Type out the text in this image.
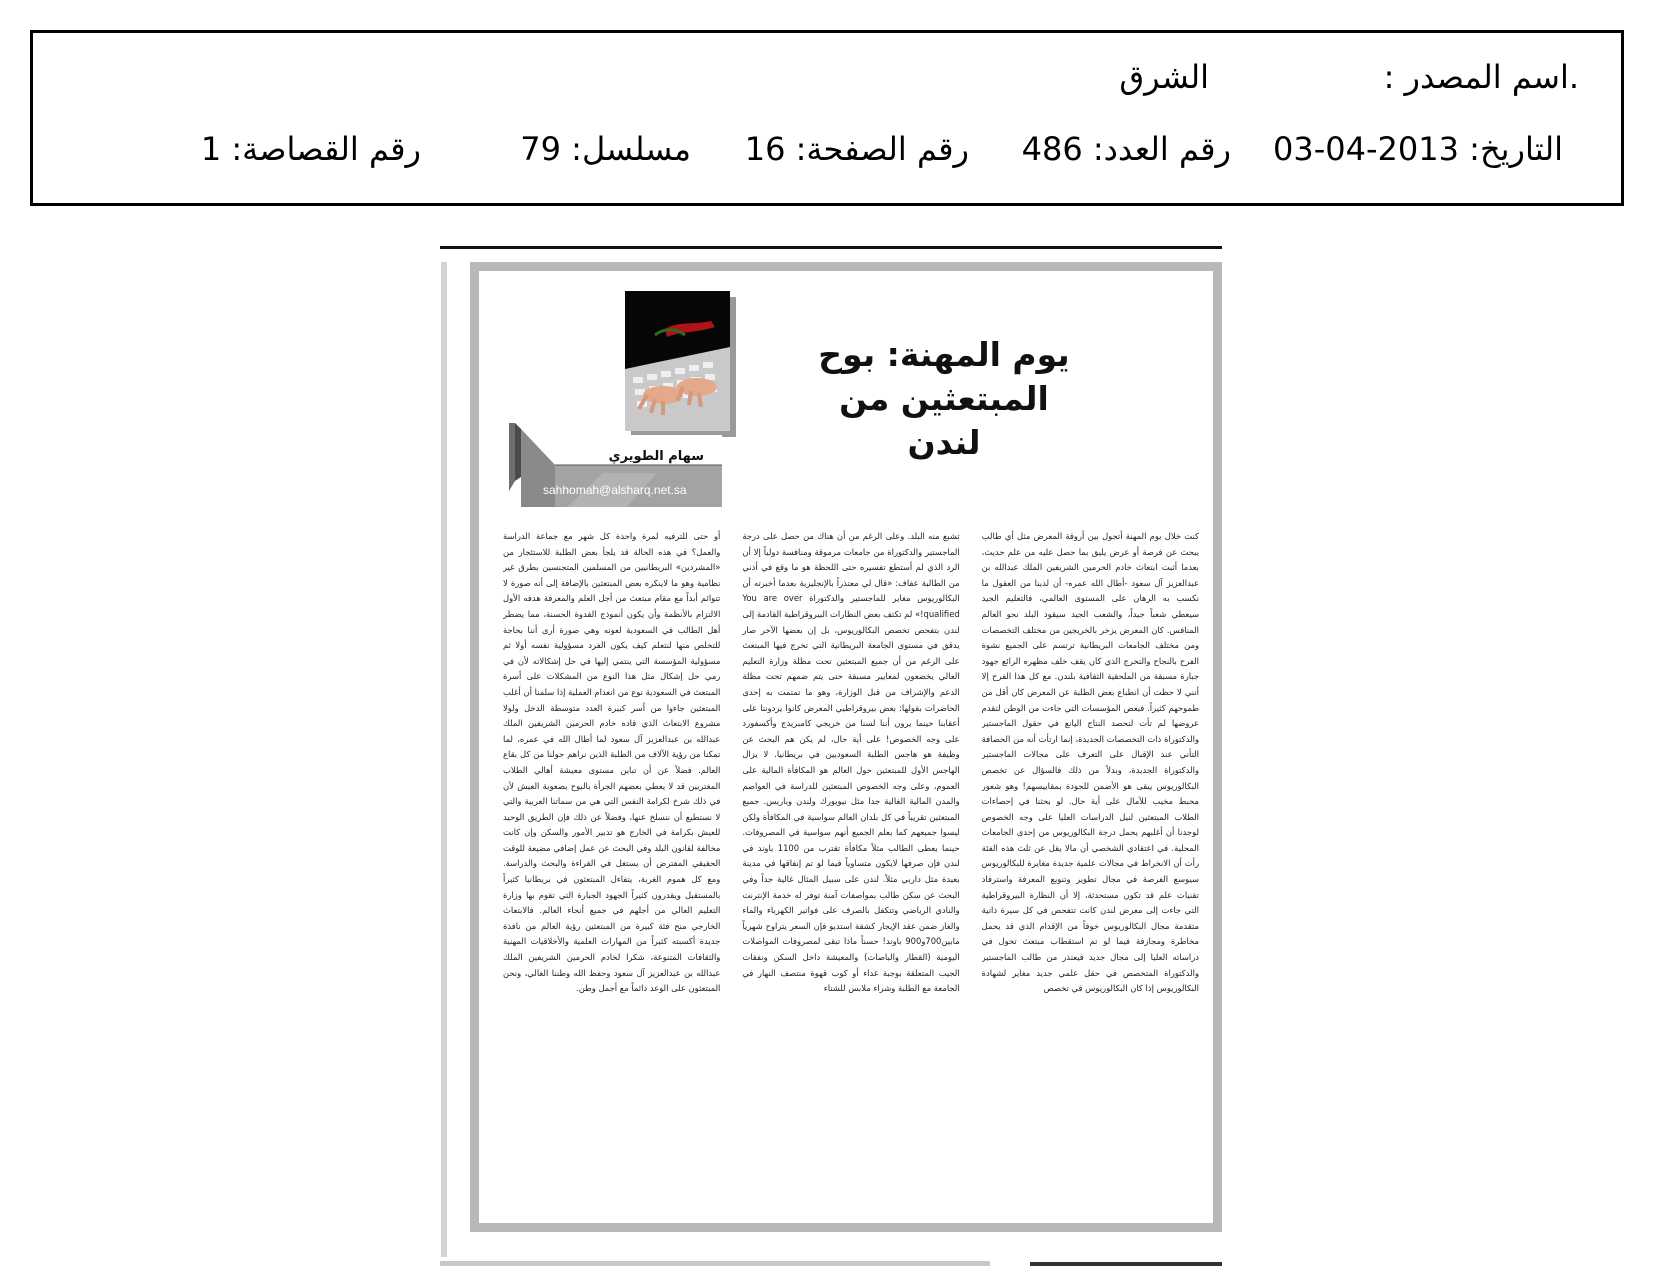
.اسم المصدر :
الشرق
التاريخ: 2013-04-03
رقم العدد: 486
رقم الصفحة: 16
مسلسل: 79
رقم القصاصة: 1
يوم المهنة: بوح
المبتعثين من لندن
سهام الطويري
sahhomah@alsharq.net.sa

كنت خلال يوم المهنة أتجول بين أروقة المعرض مثل أي طالب يبحث عن فرصة أو عرض يليق بما حصل عليه من علم حديث، بعدما أثبت ابتعاث خادم الحرمين الشريفين الملك عبدالله بن عبدالعزيز آل سعود -أطال الله عمره- أن لدينا من العقول ما نكسب به الرهان على المستوى العالمي، فالتعليم الجيد سيعطي شعباً جيداً، والشعب الجيد سيقود البلد نحو العالم المنافس. كان المعرض يزخر بالخريجين من مختلف التخصصات ومن مختلف الجامعات البريطانية ترتسم على الجميع نشوة الفرح بالنجاح والتخرج الذي كان يقف خلف مظهره الرائع جهود جبارة مسبقة من الملحقية الثقافية بلندن. مع كل هذا الفرح إلا أنني لا حظت أن انطباع بعض الطلبة عن المعرض كان أقل من طموحهم كثيراً. فبعض المؤسسات التي جاءت من الوطن لتقدم عروضها لم تأت لتحصد النتاج اليانع في حقول الماجستير والدكتوراة ذات التخصصات الجديدة، إنما ارتأت أنه من الحصافة التأني عند الإقبال على التعرف على مجالات الماجستير والدكتوراة الجديدة، وبدلاً من ذلك فالسؤال عن تخصص البكالوريوس يبقى هو الأضمن للجودة بمقاييسهم! وهو شعور محبط مخيب للآمال على أية حال. لو بحثنا في إحصاءات الطلاب المبتعثين لنيل الدراسات العليا على وجه الخصوص لوجدنا أن أغلبهم يحمل درجة البكالوريوس من إحدى الجامعات المحلية. في اعتقادي الشخصي أن مالا يقل عن ثلث هذه الفئة رأت أن الانخراط في مجالات علمية جديدة مغايرة للبكالوريوس سيوسع الفرصة في مجال تطوير وتنويع المعرفة واسترفاد تقنيات علم قد تكون مستحدثة، إلا أن النظارة البيروقراطية التي جاءت إلى معرض لندن كانت تتفحص في كل سيرة ذاتية متقدمة مجال البكالوريوس خوفاً من الإقدام الذي قد يحمل مخاطرة ومجازفة فيما لو تم استقطاب مبتعث تحول في دراساته العليا إلى مجال جديد فيعتذر من طالب الماجستير والدكتوراة المتخصص في حقل علمي جديد مغاير لشهادة البكالوريوس إذا كان البكالوريوس في تخصص

تشبع منه البلد. وعلى الرغم من أن هناك من حصل على درجة الماجستير والدكتوراة من جامعات مرموقة ومنافسة دولياً إلا أن الرد الذي لم أستطع تفسيره حتى اللحظة هو ما وقع في أذني من الطالبة عفاف: «قال لي معتذراً بالإنجليزية بعدما أخبرته أن البكالوريوس مغاير للماجستير والدكتوراة You are over qualified!» لم تكتف بعض النظارات البيروقراطية القادمة إلى لندن بتفحص تخصص البكالوريوس، بل إن بعضها الآخر صار يدقق في مستوى الجامعة البريطانية التي تخرج فيها المبتعث على الرغم من أن جميع المبتعثين تحت مظلة وزارة التعليم العالي يخضعون لمعايير مسبقة حتى يتم ضمهم تحت مظلة الدعم والإشراف من قبل الوزارة، وهو ما تمتمت به إحدى الحاضرات بقولها: بعض بيروقراطيي المعرض كانوا يردوننا على أعقابنا حينما يرون أننا لسنا من خريجي كامبريدج وأكسفورد على وجه الخصوص! على أية حال، لم يكن هم البحث عن وظيفة هو هاجس الطلبة السعوديين في بريطانيا. لا يزال الهاجس الأول للمبتعثين حول العالم هو المكافأة المالية على العموم، وعلى وجه الخصوص المبتعثين للدراسة في العواصم والمدن المالية الغالية جدا مثل نيويورك ولندن وباريس. جميع المبتعثين تقريباً في كل بلدان العالم سواسية في المكافأة ولكن ليسوا جميعهم كما يعلم الجميع أنهم سواسية في المصروفات. حينما يعطى الطالب مثلاً مكافأة تقترب من 1100 باوند في لندن فإن صرفها لايكون متساوياً فيما لو تم إنفاقها في مدينة بعيدة مثل داربي مثلاً. لندن على سبيل المثال غالية جداً وفي البحث عن سكن طالب بمواصفات آمنة توفر له خدمة الإنترنت والنادي الرياضي وتتكفل بالصرف على فواتير الكهرباء والماء والغاز ضمن عقد الإيجار كشقة استديو فإن السعر يتراوح شهرياً مابين700و900 باوند! حسناً ماذا تبقى لمصروفات المواصلات اليومية (القطار والباصات) والمعيشة داخل السكن ونفقات الجيب المتعلقة بوجبة غداء أو كوب قهوة منتصف النهار في الجامعة مع الطلبة وشراء ملابس للشتاء

أو حتى للترفيه لمرة واحدة كل شهر مع جماعة الدراسة والعمل؟ في هذه الحالة قد يلجأ بعض الطلبة للاستئجار من «المشردين» البريطانيين من المسلمين المتجنسين بطرق غير نظامية وهو ما لاينكره بعض المبتعثين بالإضافة إلى أنه صورة لا تتوائم أبداً مع مقام مبتعث من أجل العلم والمعرفة هدفه الأول الالتزام بالأنظمة وأن يكون أنموذج القدوة الحسنة، مما يضطر أهل الطالب في السعودية لعونه وهي صورة أرى أننا بحاجة للتخلص منها لنتعلم كيف يكون الفرد مسؤولية نفسه أولا ثم مسؤولية المؤسسة التي ينتمي إليها في حل إشكالاته لأن في رمي حل إشكال مثل هذا النوع من المشكلات على أسرة المبتعث في السعودية نوع من انعدام العملية إذا سلمنا أن أغلب المبتعثين جاءوا من أسر كبيرة العدد متوسطة الدخل ولولا مشروع الابتعاث الذي قاده خادم الحرمين الشريفين الملك عبدالله بن عبدالعزيز آل سعود لما أطال الله في عمره، لما تمكنا من رؤية الآلاف من الطلبة الذين نراهم حولنا من كل بقاع العالم. فضلاً عن أن تباين مستوى معيشة أهالي الطلاب المغتربين قد لا يعطي بعضهم الجرأة بالبوح بصعوبة العيش لأن في ذلك شرخ لكرامة النفس التي هي من سماتنا العربية والتي لا نستطيع أن ننسلخ عنها، وفضلاً عن ذلك فإن الطريق الوحيد للعيش بكرامة في الخارج هو تدبير الأمور والسكن وإن كانت مخالفة لقانون البلد وفي البحث عن عمل إضافي مضيعة للوقت الحقيقي المفترض أن يستغل في القراءة والبحث والدراسة. ومع كل هموم الغربة، يتفاءل المبتعثون في بريطانيا كثيراً بالمستقبل ويقدرون كثيراً الجهود الجبارة التي تقوم بها وزارة التعليم العالي من أجلهم في جميع أنحاء العالم. فالابتعاث الخارجي منح فئة كبيرة من المبتعثين رؤية العالم من نافذة جديدة أكسبته كثيراً من المهارات العلمية والأخلاقيات المهنية والثقافات المتنوعة، شكرا لخادم الحرمين الشريفين الملك عبدالله بن عبدالعزيز آل سعود وحفظ الله وطننا الغالي، ونحن المبتعثون على الوعد دائماً مع أجمل وطن.
